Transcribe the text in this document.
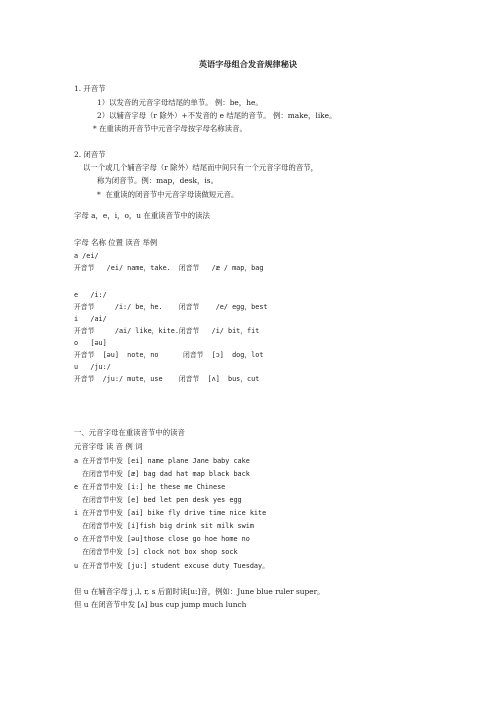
英语字母组合发音规律秘诀
1. 开音节
1）以发音的元音字母结尾的单节。 例：be，he。
2）以辅音字母（r 除外）+不发音的 e 结尾的音节。 例：make，like。
* 在重读的开音节中元音字母按字母名称读音。
2. 闭音节
以一个或几个辅音字母（r 除外）结尾而中间只有一个元音字母的音节，
称为闭音节。例：map，desk，is。
*  在重读的闭音节中元音字母读做短元音。
字母 a，e，i，o，u 在重读音节中的读法
字母 名称 位置 读音 举例
a /ei/
开音节   /ei/ name，take.  闭音节   /æ / map，bag
e   /i:/
开音节     /i:/ be，he.    闭音节    /e/ egg，best
i   /ai/
开音节     /ai/ like，kite.闭音节   /i/ bit，fit
o   [əu]
开音节  [əu]  note，no      闭音节  [ɔ]  dog，lot
u   /ju:/
开音节  /ju:/ mute，use    闭音节  [ʌ]  bus，cut
一、元音字母在重读音节中的读音
元音字母 读 音 例 词
a 在开音节中发 [ei] name plane Jane baby cake
在闭音节中发 [æ] bag dad hat map black back
e 在开音节中发 [i:] he these me Chinese
在闭音节中发 [e] bed let pen desk yes egg
i 在开音节中发 [ai] bike fly drive time nice kite
在闭音节中发 [i]fish big drink sit milk swim
o 在开音节中发 [əu]those close go hoe home no
在闭音节中发 [ɔ] clock not box shop sock
u 在开音节中发 [ju:] student excuse duty Tuesday。
但 u 在辅音字母 j ,l, r, s 后面时读[u:]音，例如：June blue ruler super。
但 u 在闭音节中发 [ʌ] bus cup jump much lunch
